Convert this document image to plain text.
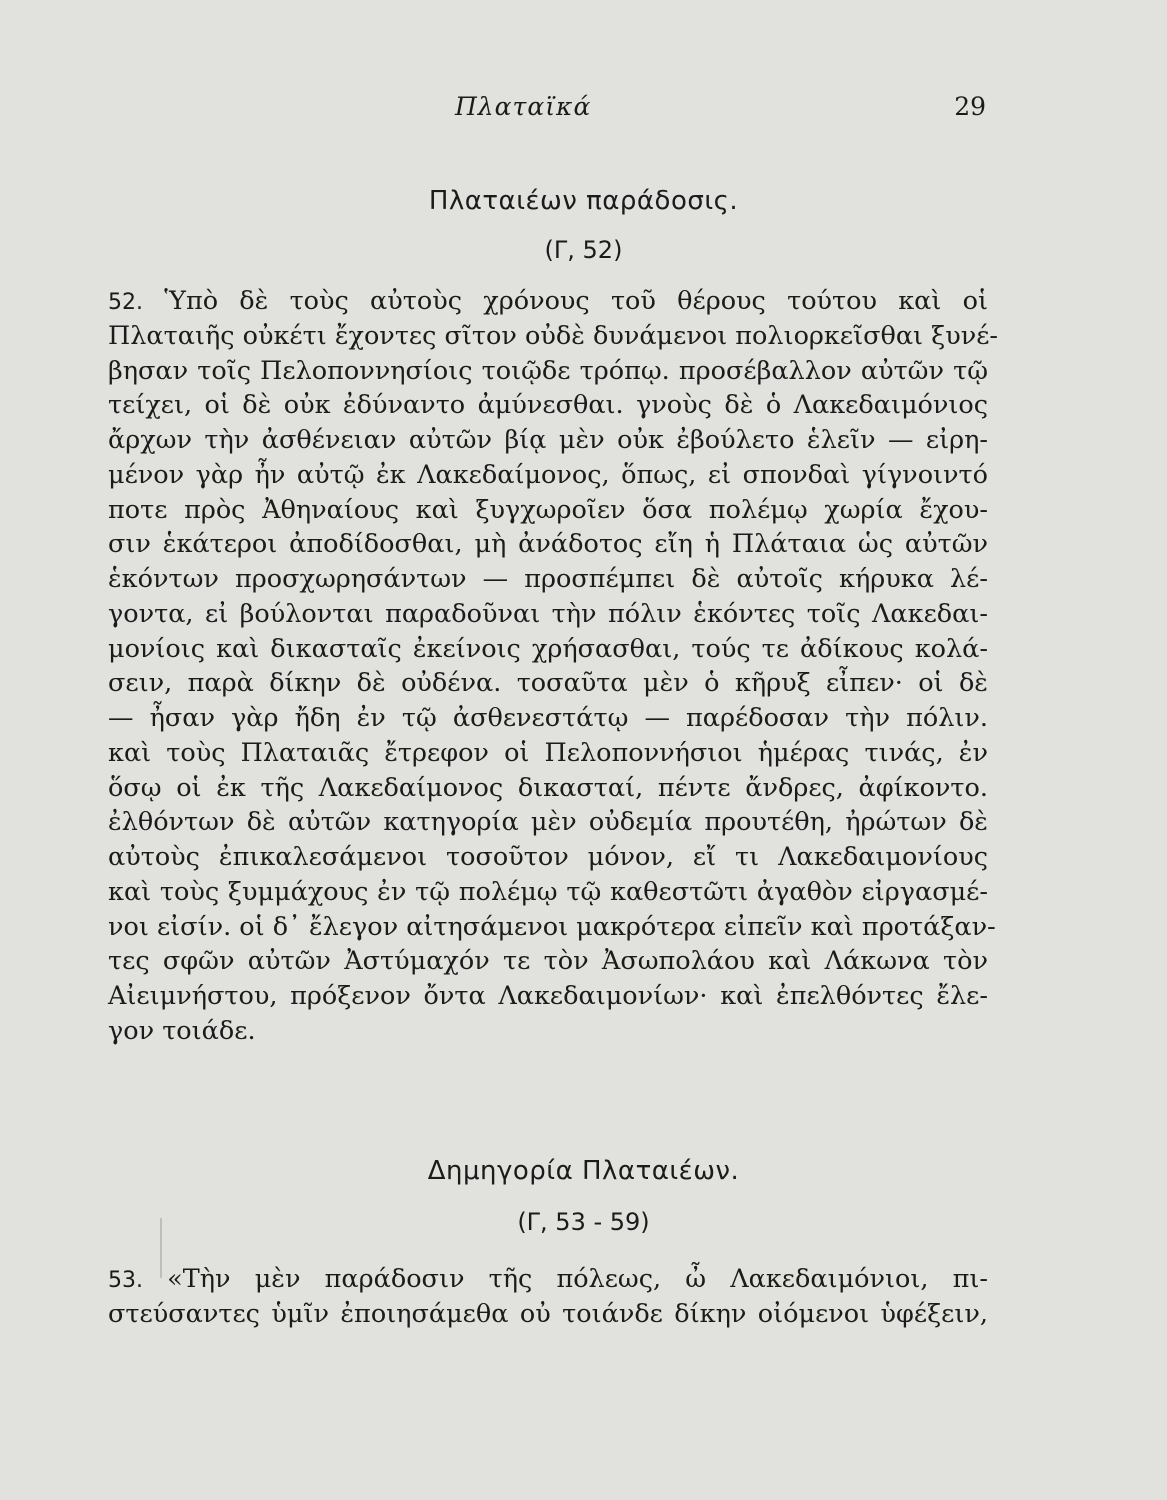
Πλαταϊκά	29
Πλαταιέων παράδοσις.
(Γ, 52)
52. Ὑπὸ δὲ τοὺς αὐτοὺς χρόνους τοῦ θέρους τούτου καὶ οἱ
Πλαταιῆς οὐκέτι ἔχοντες σῖτον οὐδὲ δυνάμενοι πολιορκεῖσθαι ξυνέ-
βησαν τοῖς Πελοποννησίοις τοιῷδε τρόπῳ. προσέβαλλον αὐτῶν τῷ
τείχει, οἱ δὲ οὐκ ἐδύναντο ἀμύνεσθαι. γνοὺς δὲ ὁ Λακεδαιμόνιος
ἄρχων τὴν ἀσθένειαν αὐτῶν βίᾳ μὲν οὐκ ἐβούλετο ἑλεῖν — εἰρη-
μένον γὰρ ἦν αὐτῷ ἐκ Λακεδαίμονος, ὅπως, εἰ σπονδαὶ γίγνοιντό
ποτε πρὸς Ἀθηναίους καὶ ξυγχωροῖεν ὅσα πολέμῳ χωρία ἔχου-
σιν ἑκάτεροι ἀποδίδοσθαι, μὴ ἀνάδοτος εἴη ἡ Πλάταια ὡς αὐτῶν
ἑκόντων προσχωρησάντων — προσπέμπει δὲ αὐτοῖς κήρυκα λέ-
γοντα, εἰ βούλονται παραδοῦναι τὴν πόλιν ἑκόντες τοῖς Λακεδαι-
μονίοις καὶ δικασταῖς ἐκείνοις χρήσασθαι, τούς τε ἀδίκους κολά-
σειν, παρὰ δίκην δὲ οὐδένα. τοσαῦτα μὲν ὁ κῆρυξ εἶπεν· οἱ δὲ
— ἦσαν γὰρ ἤδη ἐν τῷ ἀσθενεστάτῳ — παρέδοσαν τὴν πόλιν.
καὶ τοὺς Πλαταιᾶς ἔτρεφον οἱ Πελοποννήσιοι ἡμέρας τινάς, ἐν
ὅσῳ οἱ ἐκ τῆς Λακεδαίμονος δικασταί, πέντε ἄνδρες, ἀφίκοντο.
ἐλθόντων δὲ αὐτῶν κατηγορία μὲν οὐδεμία προυτέθη, ἠρώτων δὲ
αὐτοὺς ἐπικαλεσάμενοι τοσοῦτον μόνον, εἴ τι Λακεδαιμονίους
καὶ τοὺς ξυμμάχους ἐν τῷ πολέμῳ τῷ καθεστῶτι ἀγαθὸν εἰργασμέ-
νοι εἰσίν. οἱ δ᾽ ἔλεγον αἰτησάμενοι μακρότερα εἰπεῖν καὶ προτάξαν-
τες σφῶν αὐτῶν Ἀστύμαχόν τε τὸν Ἀσωπολάου καὶ Λάκωνα τὸν
Αἰειμνήστου, πρόξενον ὄντα Λακεδαιμονίων· καὶ ἐπελθόντες ἔλε-
γον τοιάδε.
Δημηγορία Πλαταιέων.
(Γ, 53 - 59)
53. «Τὴν μὲν παράδοσιν τῆς πόλεως, ὦ Λακεδαιμόνιοι, πι-
στεύσαντες ὑμῖν ἐποιησάμεθα οὐ τοιάνδε δίκην οἰόμενοι ὑφέξειν,
